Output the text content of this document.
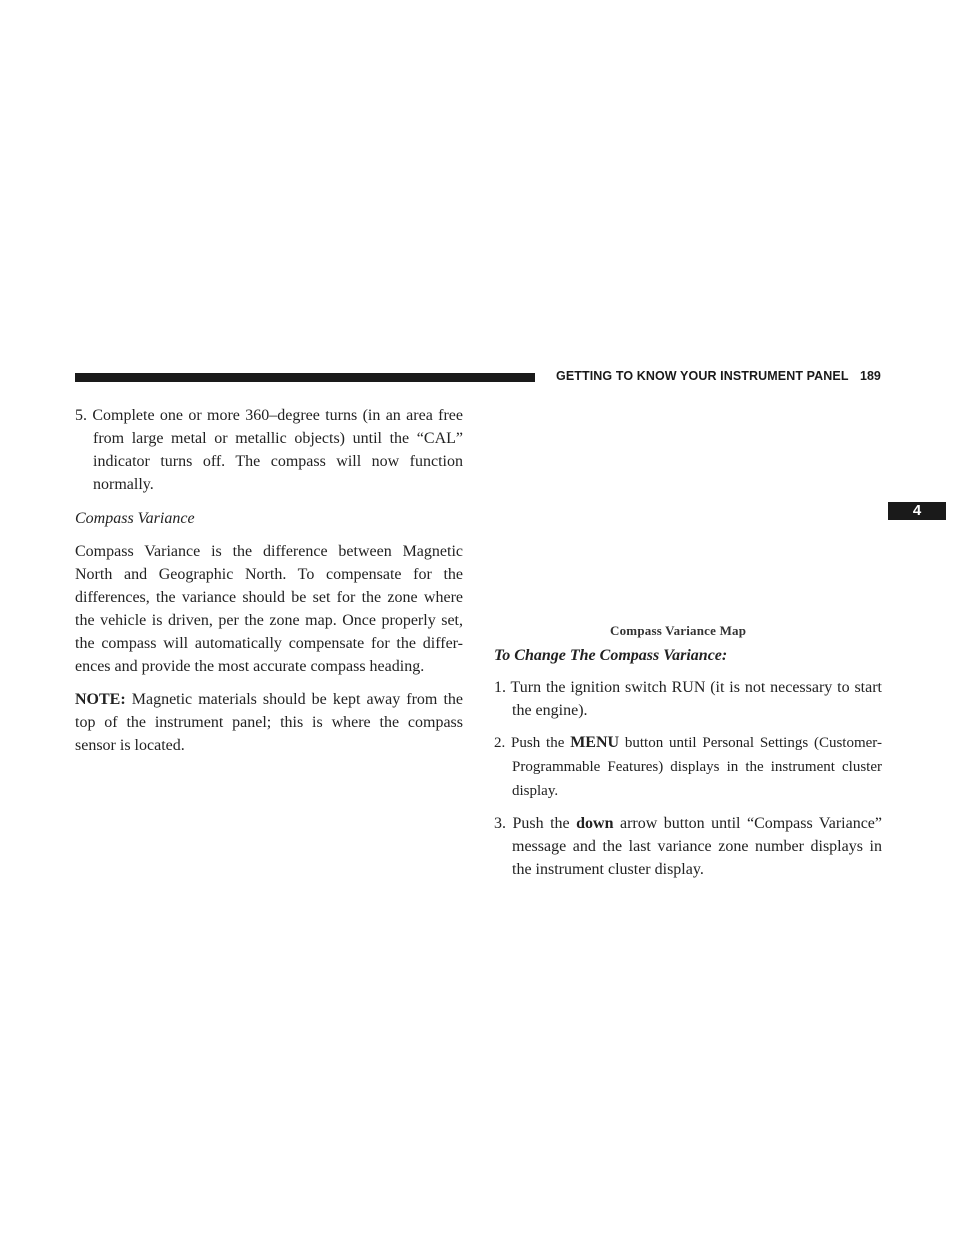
GETTING TO KNOW YOUR INSTRUMENT PANEL 189
4

5. Complete one or more 360–degree turns (in an area free from large metal or metallic objects) until the “CAL” indicator turns off. The compass will now function normally.

Compass Variance

Compass Variance is the difference between Magnetic North and Geographic North. To compensate for the differences, the variance should be set for the zone where the vehicle is driven, per the zone map. Once properly set, the compass will automatically compensate for the differ- ences and provide the most accurate compass heading.

NOTE: Magnetic materials should be kept away from the top of the instrument panel; this is where the compass sensor is located.

Compass Variance Map

To Change The Compass Variance:

1. Turn the ignition switch RUN (it is not necessary to start the engine).

2. Push the MENU button until Personal Settings (Customer- Programmable Features) displays in the instrument cluster display.

3. Push the down arrow button until “Compass Variance” message and the last variance zone number displays in the instrument cluster display.
